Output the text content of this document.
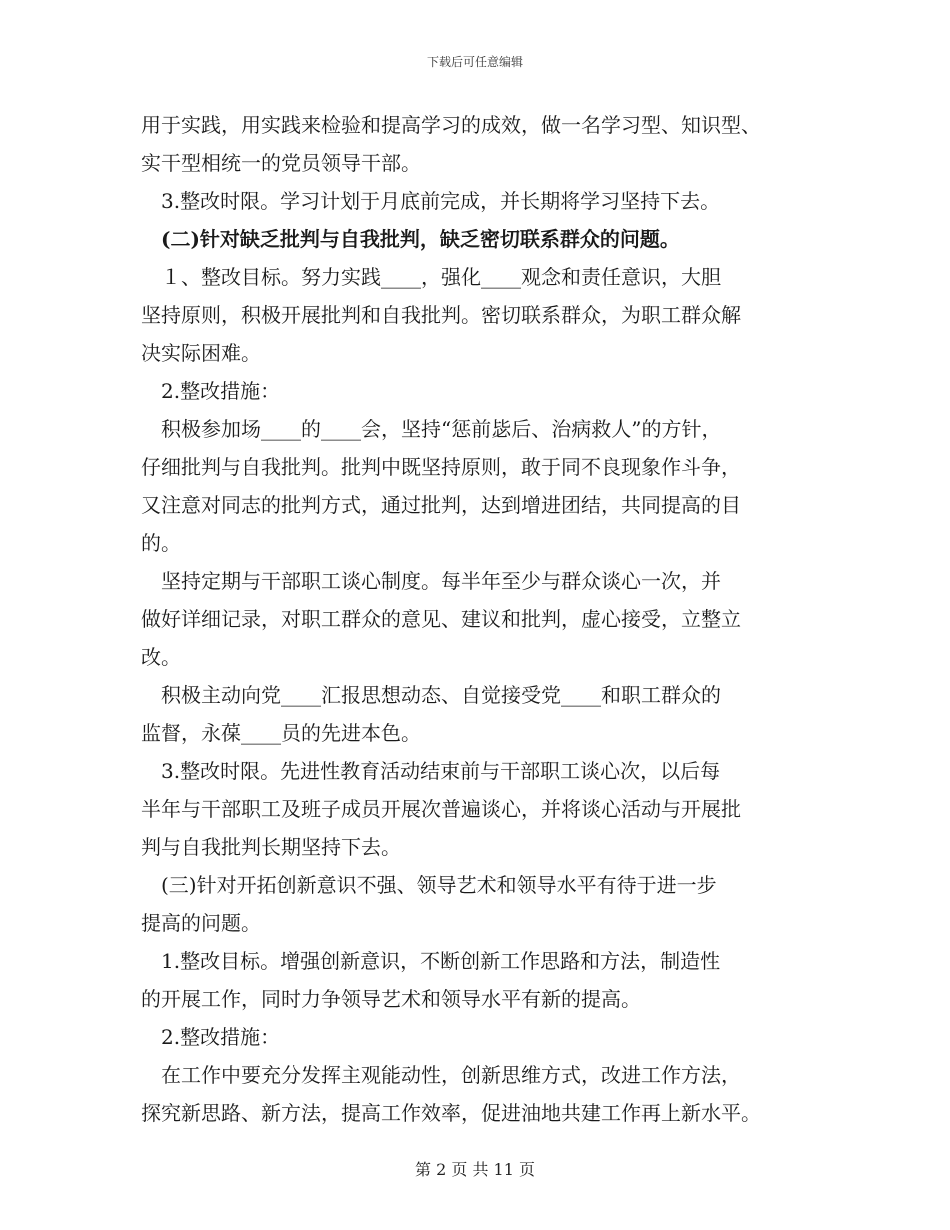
下载后可任意编辑
用于实践，用实践来检验和提高学习的成效，做一名学习型、知识型、
实干型相统一的党员领导干部。
　3.整改时限。学习计划于月底前完成，并长期将学习坚持下去。
　(二)针对缺乏批判与自我批判，缺乏密切联系群众的问题。
　１、整改目标。努力实践____，强化____观念和责任意识，大胆
坚持原则，积极开展批判和自我批判。密切联系群众，为职工群众解
决实际困难。
　2.整改措施：
　积极参加场____的____会，坚持“惩前毖后、治病救人”的方针，
仔细批判与自我批判。批判中既坚持原则，敢于同不良现象作斗争，
又注意对同志的批判方式，通过批判，达到增进团结，共同提高的目
的。
　坚持定期与干部职工谈心制度。每半年至少与群众谈心一次，并
做好详细记录，对职工群众的意见、建议和批判，虚心接受，立整立
改。
　积极主动向党____汇报思想动态、自觉接受党____和职工群众的
监督，永葆____员的先进本色。
　3.整改时限。先进性教育活动结束前与干部职工谈心次，以后每
半年与干部职工及班子成员开展次普遍谈心，并将谈心活动与开展批
判与自我批判长期坚持下去。
　(三)针对开拓创新意识不强、领导艺术和领导水平有待于进一步
提高的问题。
　1.整改目标。增强创新意识，不断创新工作思路和方法，制造性
的开展工作，同时力争领导艺术和领导水平有新的提高。
　2.整改措施：
　在工作中要充分发挥主观能动性，创新思维方式，改进工作方法，
探究新思路、新方法，提高工作效率，促进油地共建工作再上新水平。
第 2 页 共 11 页
